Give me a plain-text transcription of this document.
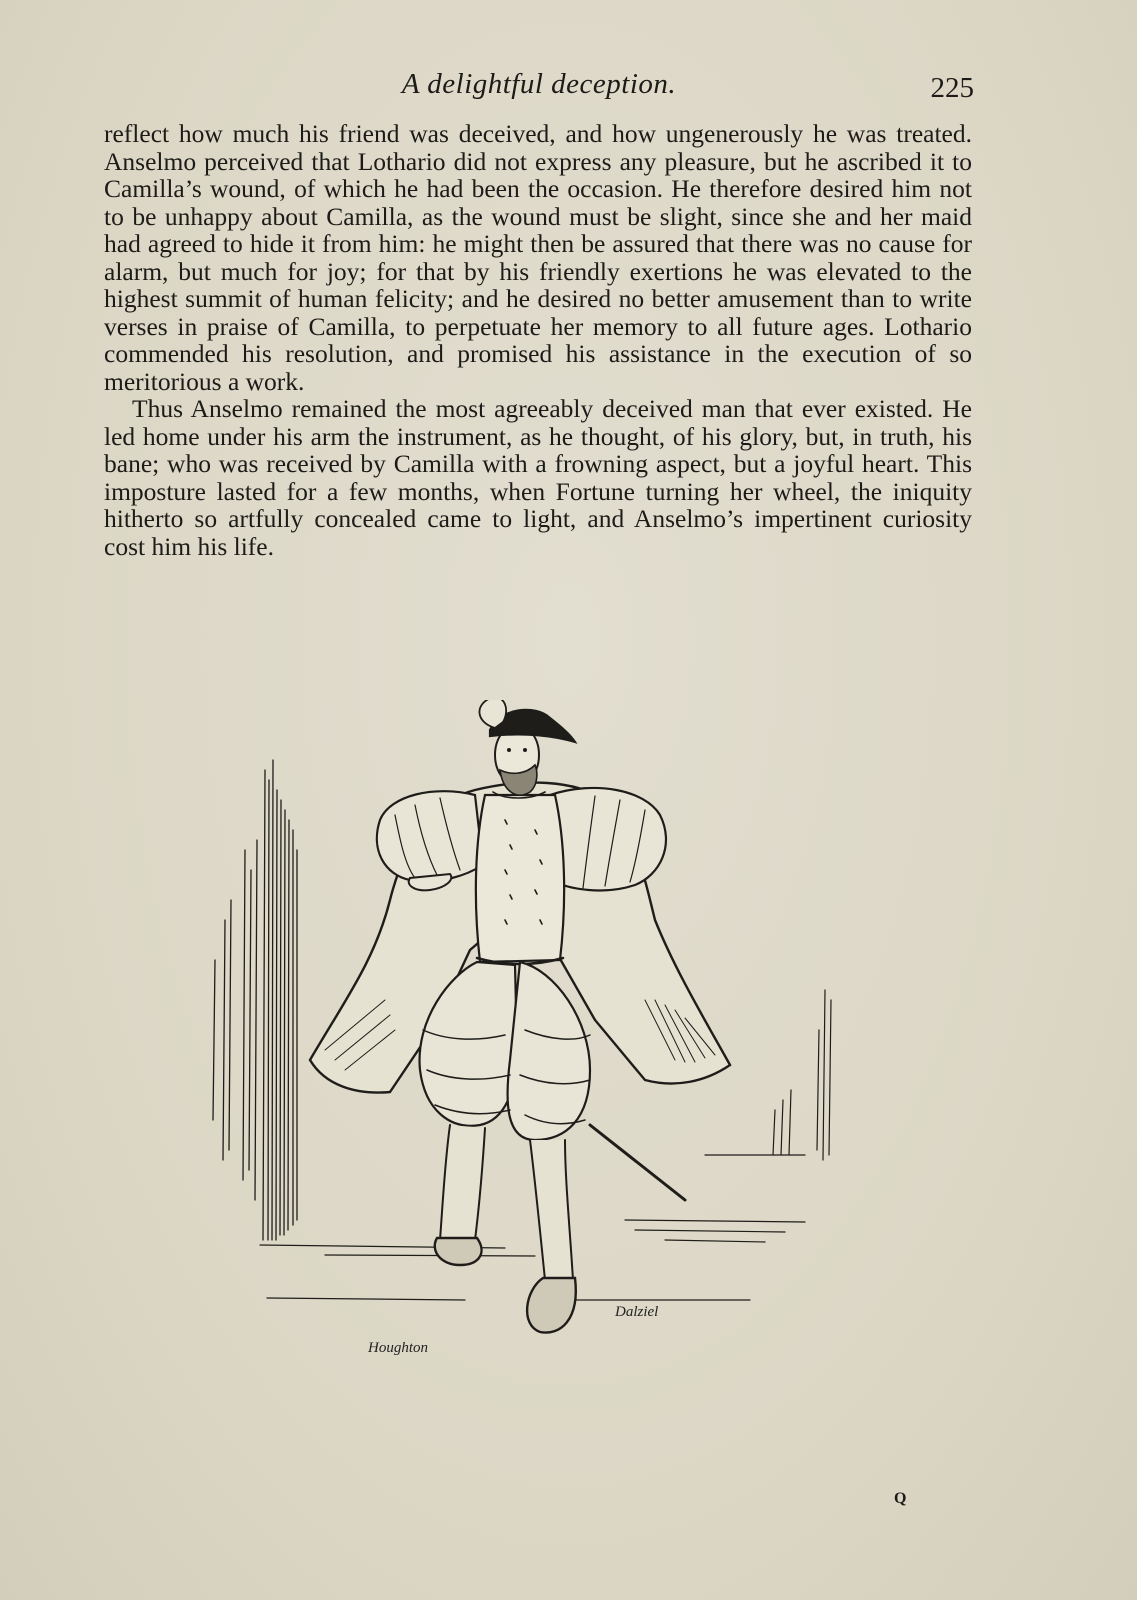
A delightful deception.	225

reflect how much his friend was deceived, and how ungenerously he was treated. Anselmo perceived that Lothario did not express any pleasure, but he ascribed it to Camilla’s wound, of which he had been the occasion. He therefore desired him not to be unhappy about Camilla, as the wound must be slight, since she and her maid had agreed to hide it from him: he might then be assured that there was no cause for alarm, but much for joy; for that by his friendly exertions he was elevated to the highest summit of human felicity; and he desired no better amusement than to write verses in praise of Camilla, to perpetuate her memory to all future ages. Lothario commended his resolution, and promised his assistance in the execution of so meritorious a work.

Thus Anselmo remained the most agreeably deceived man that ever existed. He led home under his arm the instrument, as he thought, of his glory, but, in truth, his bane; who was received by Camilla with a frowning aspect, but a joyful heart. This imposture lasted for a few months, when Fortune turning her wheel, the iniquity hitherto so artfully concealed came to light, and Anselmo’s impertinent curiosity cost him his life.

Houghton
Dalziel
Q
